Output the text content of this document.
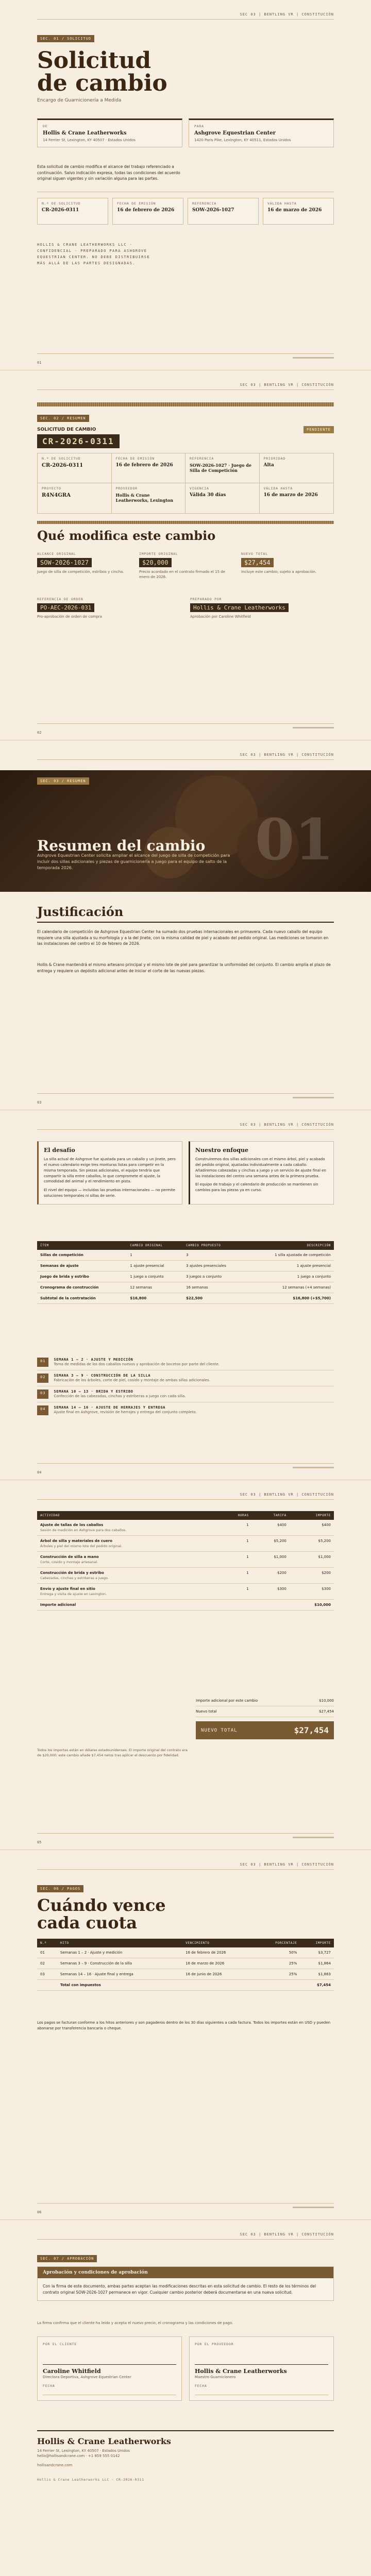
SEC 03 | BENTLING VR | CONSTITUCIÓN
SEC. 01 / SOLICITUD
Solicitud
de cambio
Encargo de Guarnicionería a Medida
DE
Hollis & Crane Leatherworks
14 Ferrier St, Lexington, KY 40507 · Estados Unidos
PARA
Ashgrove Equestrian Center
1420 Paris Pike, Lexington, KY 40511, Estados Unidos
Esta solicitud de cambio modifica el alcance del trabajo referenciado a continuación. Salvo indicación expresa, todas las condiciones del acuerdo original siguen vigentes y sin variación alguna para las partes.
N.º DE SOLICITUD
CR-2026-0311
FECHA DE EMISIÓN
16 de febrero de 2026
REFERENCIA
SOW-2026-1027
VÁLIDA HASTA
16 de marzo de 2026
HOLLIS & CRANE LEATHERWORKS LLC · CONFIDENCIAL · PREPARADO PARA ASHGROVE EQUESTRIAN CENTER. NO DEBE DISTRIBUIRSE MÁS ALLÁ DE LAS PARTES DESIGNADAS.
01
SEC 03 | BENTLING VR | CONSTITUCIÓN
SEC. 02 / RESUMEN
SOLICITUD DE CAMBIO	PENDIENTE
CR-2026-0311
N.º DE SOLICITUD
CR-2026-0311
FECHA DE EMISIÓN
16 de febrero de 2026
REFERENCIA
SOW-2026-1027 · Juego de Silla de Competición
PRIORIDAD
Alta
PROYECTO
R4N4GRA
PROVEEDOR
Hollis & Crane Leatherworks, Lexington
VIGENCIA
Válida 30 días
VÁLIDA HASTA
16 de marzo de 2026
Qué modifica este cambio
ALCANCE ORIGINAL
SOW-2026-1027
Juego de silla de competición, estribos y cincha.
IMPORTE ORIGINAL
$20,000
Precio acordado en el contrato firmado el 15 de enero de 2026.
NUEVO TOTAL
$27,454
Incluye este cambio; sujeto a aprobación.
REFERENCIA DE ORDEN
PO-AEC-2026-031
Pro-aprobación de orden de compra
PREPARADO POR
Hollis & Crane Leatherworks
Aprobación por Caroline Whitfield
02
SEC 03 | BENTLING VR | CONSTITUCIÓN
SEC. 03 / RESUMEN
Resumen del cambio
Ashgrove Equestrian Center solicita ampliar el alcance del juego de silla de competición para incluir dos sillas adicionales y piezas de guarnicionería a juego para el equipo de salto de la temporada 2026.	01
Justificación
El calendario de competición de Ashgrove Equestrian Center ha sumado dos pruebas internacionales en primavera. Cada nuevo caballo del equipo requiere una silla ajustada a su morfología y a la del jinete, con la misma calidad de piel y acabado del pedido original. Las mediciones se tomaron en las instalaciones del centro el 10 de febrero de 2026.
Hollis & Crane mantendrá el mismo artesano principal y el mismo lote de piel para garantizar la uniformidad del conjunto. El cambio amplía el plazo de entrega y requiere un depósito adicional antes de iniciar el corte de las nuevas piezas.
03
SEC 03 | BENTLING VR | CONSTITUCIÓN
El desafío
La silla actual de Ashgrove fue ajustada para un caballo y un jinete, pero el nuevo calendario exige tres monturas listas para competir en la misma temporada. Sin piezas adicionales, el equipo tendría que compartir la silla entre caballos, lo que compromete el ajuste, la comodidad del animal y el rendimiento en pista.
El nivel del equipo — incluidas las pruebas internacionales — no permite soluciones temporales ni sillas de serie.
Nuestro enfoque
Construiremos dos sillas adicionales con el mismo árbol, piel y acabado del pedido original, ajustadas individualmente a cada caballo. Añadiremos cabezadas y cinchas a juego y un servicio de ajuste final en las instalaciones del centro una semana antes de la primera prueba.
El equipo de trabajo y el calendario de producción se mantienen sin cambios para las piezas ya en curso.
ÍTEM	CAMBIO ORIGINAL	CAMBIO PROPUESTO	DESCRIPCIÓN
Sillas de competición	1	3	1 silla ajustada de competición
Semanas de ajuste	1 ajuste presencial	3 ajustes presenciales	1 ajuste presencial
Juego de brida y estribo	1 juego a conjunto	3 juegos a conjunto	1 juego a conjunto
Cronograma de construcción	12 semanas	16 semanas	12 semanas (+4 semanas)
Subtotal de la contratación	$16,800	$22,500	$16,800 (+$5,700)
01	SEMANA 1 – 2 · AJUSTE Y MEDICIÓN
Toma de medidas de los dos caballos nuevos y aprobación de bocetos por parte del cliente.
02	SEMANA 3 – 9 · CONSTRUCCIÓN DE LA SILLA
Fabricación de los árboles, corte de piel, cosido y montaje de ambas sillas adicionales.
03	SEMANA 10 – 13 · BRIDA Y ESTRIBO
Confección de las cabezadas, cinchas y estriberas a juego con cada silla.
04	SEMANA 14 – 16 · AJUSTE DE HERRAJES Y ENTREGA
Ajuste final en Ashgrove, revisión de herrajes y entrega del conjunto completo.
04
SEC 03 | BENTLING VR | CONSTITUCIÓN
ACTIVIDAD	HORAS	TARIFA	IMPORTE

Ajuste de tallas de los caballos
Sesión de medición en Ashgrove para dos caballos.	1	$400	$400

Árbol de silla y materiales de cuero
Árboles y piel del mismo lote del pedido original.	1	$5,200	$5,200

Construcción de silla a mano
Corte, cosido y montaje artesanal.	1	$1,000	$1,000

Construcción de brida y estribo
Cabezadas, cinchas y estriberas a juego.	1	$200	$200

Envío y ajuste final en sitio
Entrega y visita de ajuste en Lexington.	1	$300	$300
Importe adicional			$10,000
Importe adicional por este cambio	$10,000
Nuevo total	$27,454
NUEVO TOTAL	$27,454
Todos los importes están en dólares estadounidenses. El importe original del contrato era de $20,000; este cambio añade $7,454 netos tras aplicar el descuento por fidelidad.
05
SEC 03 | BENTLING VR | CONSTITUCIÓN
SEC. 06 / PAGOS
Cuándo vence
cada cuota
N.º	HITO	VENCIMIENTO	PORCENTAJE	IMPORTE
01	Semanas 1 – 2 · Ajuste y medición	16 de febrero de 2026	50%	$3,727
02	Semanas 3 – 9 · Construcción de la silla	16 de marzo de 2026	25%	$1,864
03	Semanas 14 – 16 · Ajuste final y entrega	16 de junio de 2026	25%	$1,863
	Total con impuestos			$7,454
Los pagos se facturan conforme a los hitos anteriores y son pagaderos dentro de los 30 días siguientes a cada factura. Todos los importes están en USD y pueden abonarse por transferencia bancaria o cheque.
06
SEC 03 | BENTLING VR | CONSTITUCIÓN
SEC. 07 / APROBACIÓN
Aprobación y condiciones de aprobación
Con la firma de este documento, ambas partes aceptan las modificaciones descritas en esta solicitud de cambio. El resto de los términos del contrato original SOW-2026-1027 permanece en vigor. Cualquier cambio posterior deberá documentarse en una nueva solicitud.
La firma confirma que el cliente ha leído y acepta el nuevo precio, el cronograma y las condiciones de pago.
POR EL CLIENTE
Caroline Whitfield
Directora Deportiva, Ashgrove Equestrian Center
FECHA
POR EL PROVEEDOR
Hollis & Crane Leatherworks
Maestro Guarnicionero
FECHA
Hollis & Crane Leatherworks
14 Ferrier St, Lexington, KY 40507 · Estados Unidos
hello@hollisandcrane.com · +1 859 555 0142
hollisandcrane.com
Hollis & Crane Leatherworks LLC · CR-2026-0311
